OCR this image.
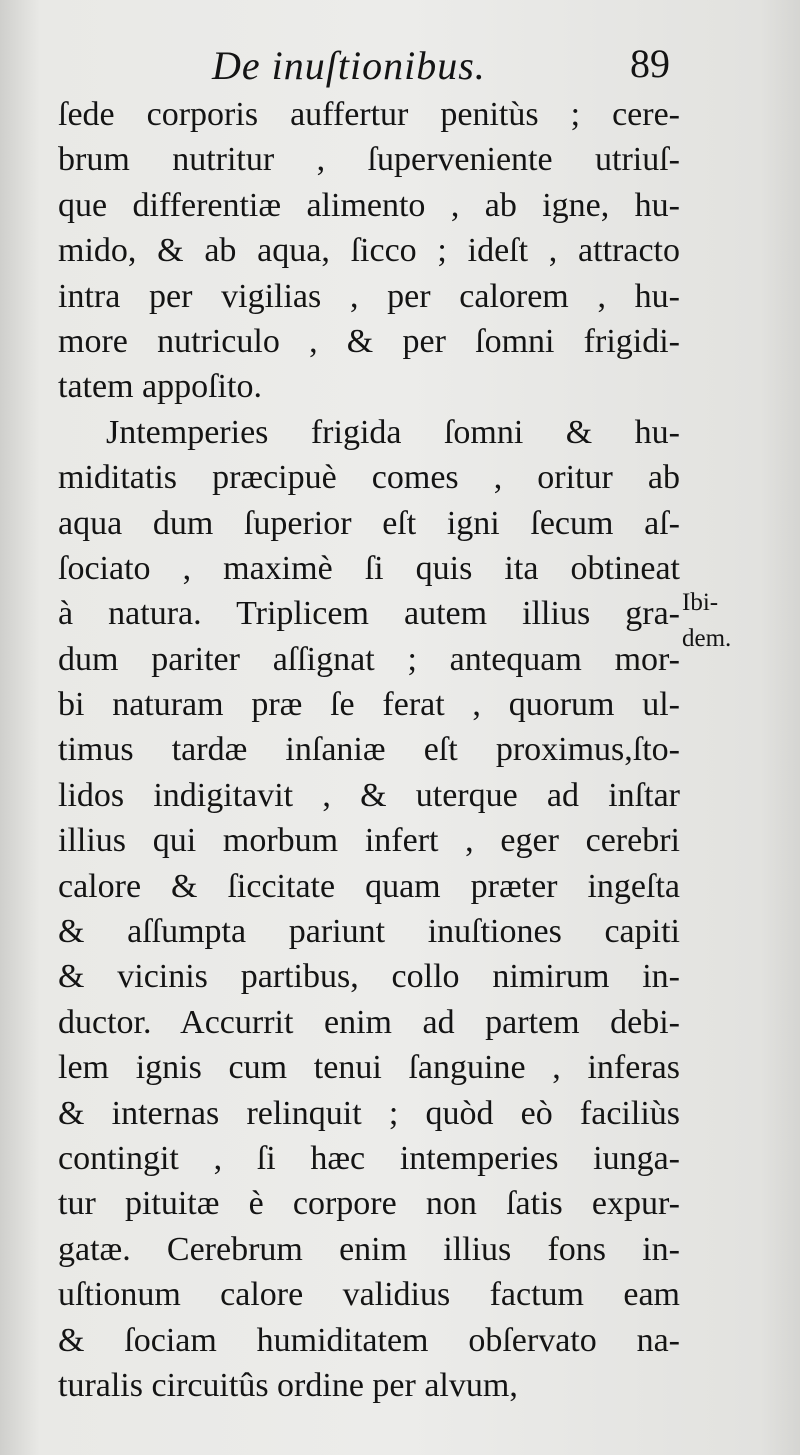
De inuſtionibus.	89
ſede corporis auffertur penitùs ; cere-
brum nutritur , ſuperveniente utriuſ-
que differentiæ alimento , ab igne, hu-
mido, & ab aqua, ſicco ; ideſt , attracto
intra per vigilias , per calorem , hu-
more nutriculo , & per ſomni frigidi-
tatem appoſito.
Jntemperies frigida ſomni & hu-
miditatis præcipuè comes , oritur ab
aqua dum ſuperior eſt igni ſecum aſ-
ſociato , maximè ſi quis ita obtineat
à natura. Triplicem autem illius gra-
dum pariter aſſignat ; antequam mor-
bi naturam præ ſe ferat , quorum ul-
timus tardæ inſaniæ eſt proximus,ſto-
lidos indigitavit , & uterque ad inſtar
illius qui morbum infert , eger cerebri
calore & ſiccitate quam præter ingeſta
& aſſumpta pariunt inuſtiones capiti
& vicinis partibus, collo nimirum in-
ductor. Accurrit enim ad partem debi-
lem ignis cum tenui ſanguine , inferas
& internas relinquit ; quòd eò faciliùs
contingit , ſi hæc intemperies iunga-
tur pituitæ è corpore non ſatis expur-
gatæ. Cerebrum enim illius fons in-
uſtionum calore validius factum eam
& ſociam humiditatem obſervato na-
turalis circuitûs ordine per alvum,
Ibi-
dem.
